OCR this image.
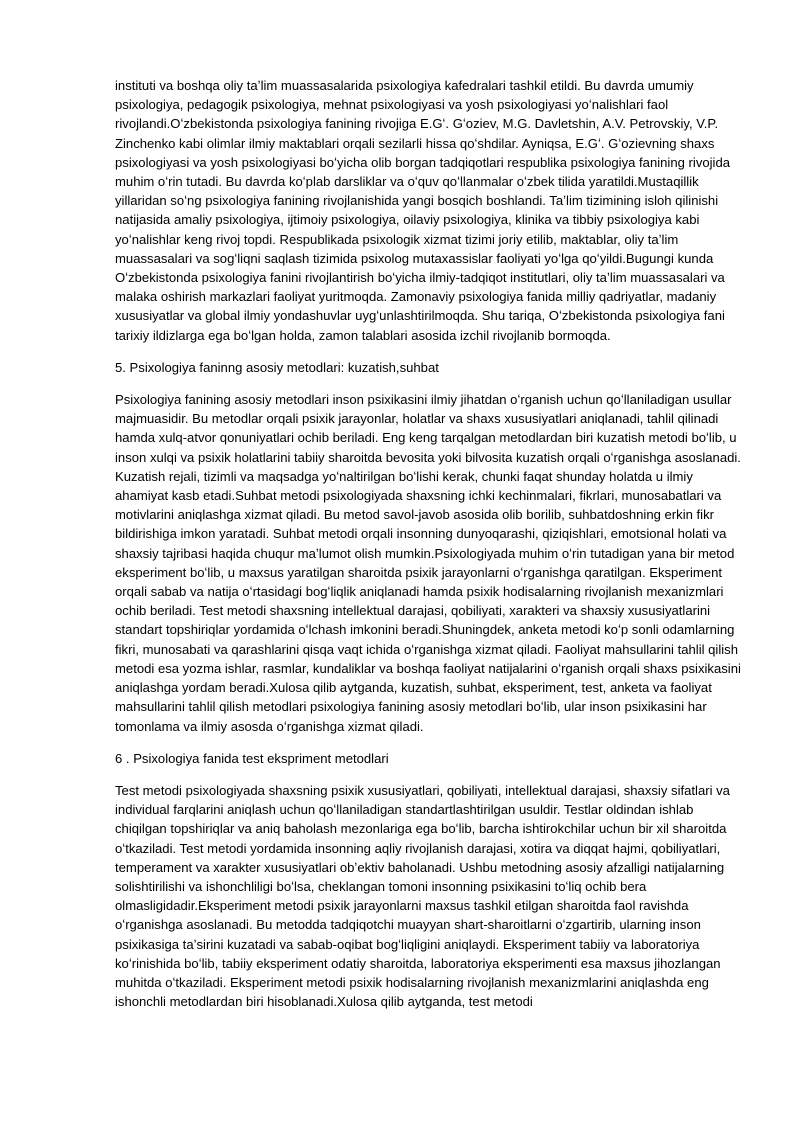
instituti va boshqa oliy taʼlim muassasalarida psixologiya kafedralari tashkil etildi. Bu davrda umumiy psixologiya, pedagogik psixologiya, mehnat psixologiyasi va yosh psixologiyasi yoʻnalishlari faol rivojlandi.Oʻzbekistonda psixologiya fanining rivojiga E.Gʻ. Gʻoziev, M.G. Davletshin, A.V. Petrovskiy, V.P. Zinchenko kabi olimlar ilmiy maktablari orqali sezilarli hissa qoʻshdilar. Ayniqsa, E.Gʻ. Gʻozievning shaxs psixologiyasi va yosh psixologiyasi boʻyicha olib borgan tadqiqotlari respublika psixologiya fanining rivojida muhim oʻrin tutadi. Bu davrda koʻplab darsliklar va oʻquv qoʻllanmalar oʻzbek tilida yaratildi.Mustaqillik yillaridan soʻng psixologiya fanining rivojlanishida yangi bosqich boshlandi. Taʼlim tizimining isloh qilinishi natijasida amaliy psixologiya, ijtimoiy psixologiya, oilaviy psixologiya, klinika va tibbiy psixologiya kabi yoʻnalishlar keng rivoj topdi. Respublikada psixologik xizmat tizimi joriy etilib, maktablar, oliy taʼlim muassasalari va sogʻliqni saqlash tizimida psixolog mutaxassislar faoliyati yoʻlga qoʻyildi.Bugungi kunda Oʻzbekistonda psixologiya fanini rivojlantirish boʻyicha ilmiy-tadqiqot institutlari, oliy taʼlim muassasalari va malaka oshirish markazlari faoliyat yuritmoqda. Zamonaviy psixologiya fanida milliy qadriyatlar, madaniy xususiyatlar va global ilmiy yondashuvlar uygʻunlashtirilmoqda. Shu tariqa, Oʻzbekistonda psixologiya fani tarixiy ildizlarga ega boʻlgan holda, zamon talablari asosida izchil rivojlanib bormoqda.

5. Psixologiya faninng asosiy metodlari: kuzatish,suhbat

Psixologiya fanining asosiy metodlari inson psixikasini ilmiy jihatdan oʻrganish uchun qoʻllaniladigan usullar majmuasidir. Bu metodlar orqali psixik jarayonlar, holatlar va shaxs xususiyatlari aniqlanadi, tahlil qilinadi hamda xulq-atvor qonuniyatlari ochib beriladi. Eng keng tarqalgan metodlardan biri kuzatish metodi boʻlib, u inson xulqi va psixik holatlarini tabiiy sharoitda bevosita yoki bilvosita kuzatish orqali oʻrganishga asoslanadi. Kuzatish rejali, tizimli va maqsadga yoʻnaltirilgan boʻlishi kerak, chunki faqat shunday holatda u ilmiy ahamiyat kasb etadi.Suhbat metodi psixologiyada shaxsning ichki kechinmalari, fikrlari, munosabatlari va motivlarini aniqlashga xizmat qiladi. Bu metod savol-javob asosida olib borilib, suhbatdoshning erkin fikr bildirishiga imkon yaratadi. Suhbat metodi orqali insonning dunyoqarashi, qiziqishlari, emotsional holati va shaxsiy tajribasi haqida chuqur maʼlumot olish mumkin.Psixologiyada muhim oʻrin tutadigan yana bir metod eksperiment boʻlib, u maxsus yaratilgan sharoitda psixik jarayonlarni oʻrganishga qaratilgan. Eksperiment orqali sabab va natija oʻrtasidagi bogʻliqlik aniqlanadi hamda psixik hodisalarning rivojlanish mexanizmlari ochib beriladi. Test metodi shaxsning intellektual darajasi, qobiliyati, xarakteri va shaxsiy xususiyatlarini standart topshiriqlar yordamida oʻlchash imkonini beradi.Shuningdek, anketa metodi koʻp sonli odamlarning fikri, munosabati va qarashlarini qisqa vaqt ichida oʻrganishga xizmat qiladi. Faoliyat mahsullarini tahlil qilish metodi esa yozma ishlar, rasmlar, kundaliklar va boshqa faoliyat natijalarini oʻrganish orqali shaxs psixikasini aniqlashga yordam beradi.Xulosa qilib aytganda, kuzatish, suhbat, eksperiment, test, anketa va faoliyat mahsullarini tahlil qilish metodlari psixologiya fanining asosiy metodlari boʻlib, ular inson psixikasini har tomonlama va ilmiy asosda oʻrganishga xizmat qiladi.

6 . Psixologiya fanida test ekspriment metodlari

Test metodi psixologiyada shaxsning psixik xususiyatlari, qobiliyati, intellektual darajasi, shaxsiy sifatlari va individual farqlarini aniqlash uchun qoʻllaniladigan standartlashtirilgan usuldir. Testlar oldindan ishlab chiqilgan topshiriqlar va aniq baholash mezonlariga ega boʻlib, barcha ishtirokchilar uchun bir xil sharoitda oʻtkaziladi. Test metodi yordamida insonning aqliy rivojlanish darajasi, xotira va diqqat hajmi, qobiliyatlari, temperament va xarakter xususiyatlari obʼektiv baholanadi. Ushbu metodning asosiy afzalligi natijalarning solishtirilishi va ishonchliligi boʻlsa, cheklangan tomoni insonning psixikasini toʻliq ochib bera olmasligidadir.Eksperiment metodi psixik jarayonlarni maxsus tashkil etilgan sharoitda faol ravishda oʻrganishga asoslanadi. Bu metodda tadqiqotchi muayyan shart-sharoitlarni oʻzgartirib, ularning inson psixikasiga taʼsirini kuzatadi va sabab-oqibat bogʻliqligini aniqlaydi. Eksperiment tabiiy va laboratoriya koʻrinishida boʻlib, tabiiy eksperiment odatiy sharoitda, laboratoriya eksperimenti esa maxsus jihozlangan muhitda oʻtkaziladi. Eksperiment metodi psixik hodisalarning rivojlanish mexanizmlarini aniqlashda eng ishonchli metodlardan biri hisoblanadi.Xulosa qilib aytganda, test metodi
